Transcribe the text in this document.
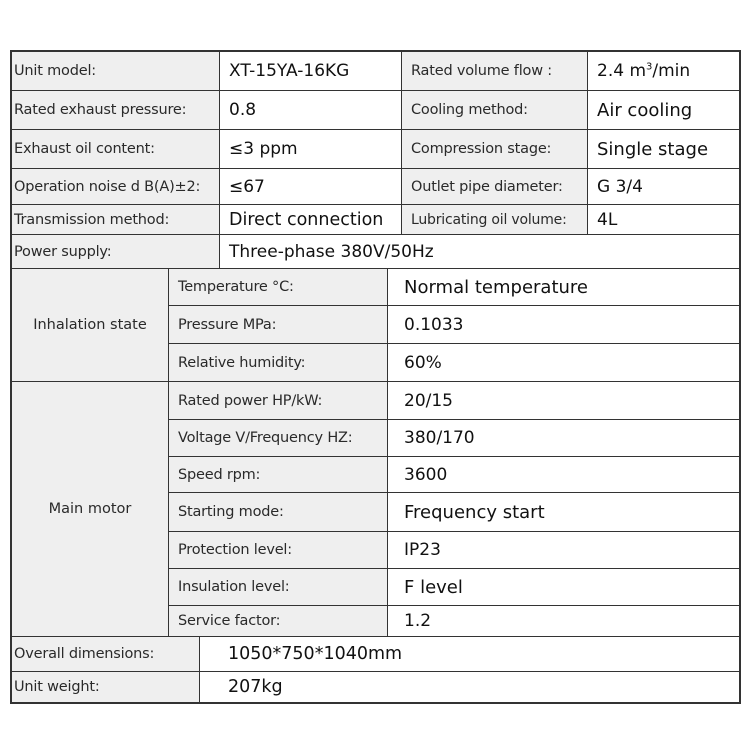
Unit model:	XT-15YA-16KG	Rated volume flow :	2.4 $m^3/\min$
Rated exhaust pressure:	0.8	Cooling method:	Air cooling
Exhaust oil content:	≤3 ppm	Compression stage:	Single stage
Operation noise d B(A)±2:	≤67	Outlet pipe diameter:	G 3/4
Transmission method:	Direct connection	Lubricating oil volume:	4L
Power supply:	Three-phase 380V/50Hz
Inhalation state
Temperature °C:	Normal temperature
Pressure MPa:	0.1033
Relative humidity:	60%
Main motor
Rated power HP/kW:	20/15
Voltage V/Frequency HZ:	380/170
Speed rpm:	3600
Starting mode:	Frequency start
Protection level:	IP23
Insulation level:	F level
Service factor:	1.2
Overall dimensions:	1050*750*1040mm
Unit weight:	207kg
